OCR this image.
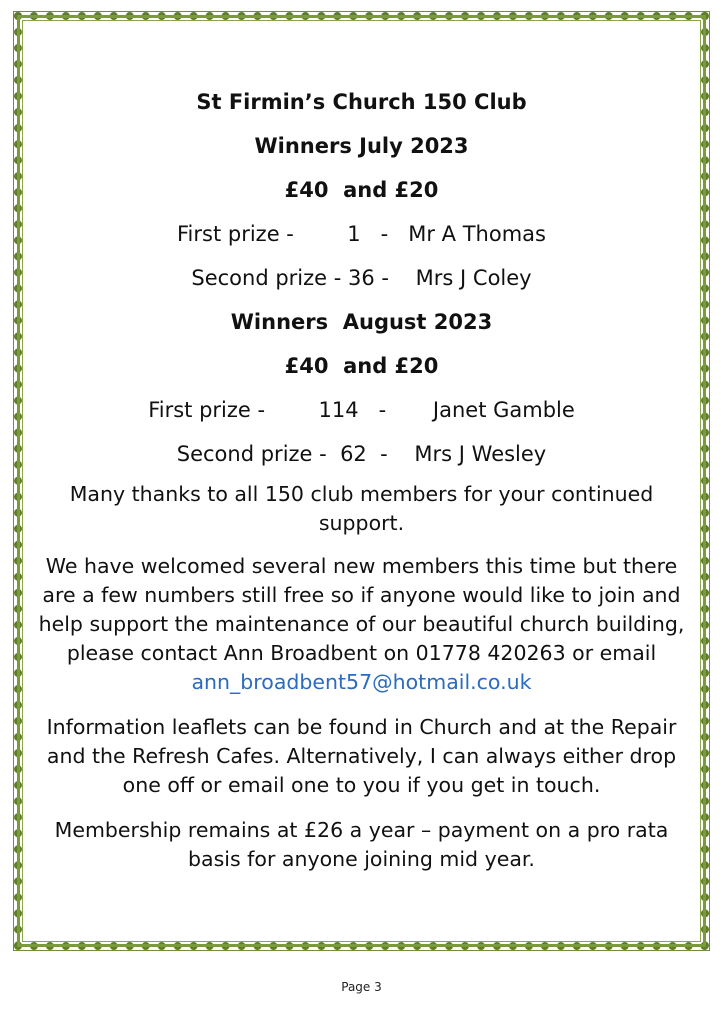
St Firmin’s Church 150 Club

Winners July 2023

£40  and £20

First prize -        1   -   Mr A Thomas

Second prize - 36 -    Mrs J Coley

Winners  August 2023

£40  and £20

First prize -        114   -       Janet Gamble

Second prize -  62  -    Mrs J Wesley

Many thanks to all 150 club members for your continued support.

We have welcomed several new members this time but there are a few numbers still free so if anyone would like to join and help support the maintenance of our beautiful church building, please contact Ann Broadbent on 01778 420263 or email ann_broadbent57@hotmail.co.uk

Information leaflets can be found in Church and at the Repair and the Refresh Cafes. Alternatively, I can always either drop one off or email one to you if you get in touch.

Membership remains at £26 a year – payment on a pro rata basis for anyone joining mid year.

Page 3
